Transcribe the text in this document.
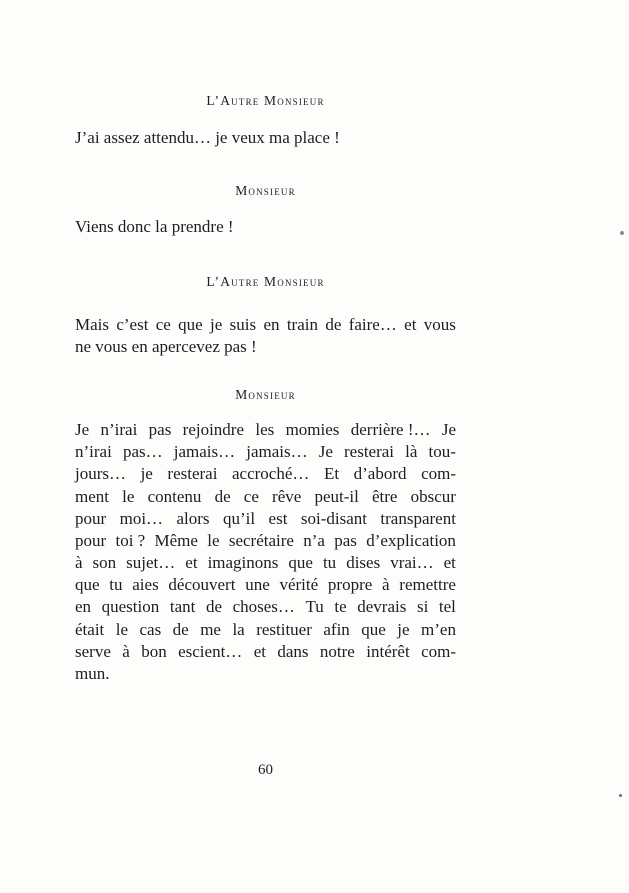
L’Autre Monsieur
J’ai assez attendu… je veux ma place !
Monsieur
Viens donc la prendre !
L’Autre Monsieur
Mais c’est ce que je suis en train de faire… et vous
ne vous en apercevez pas !
Monsieur
Je n’irai pas rejoindre les momies derrière !… Je
n’irai pas… jamais… jamais… Je resterai là tou-
jours… je resterai accroché… Et d’abord com-
ment le contenu de ce rêve peut-il être obscur
pour moi… alors qu’il est soi-disant transparent
pour toi ? Même le secrétaire n’a pas d’explication
à son sujet… et imaginons que tu dises vrai… et
que tu aies découvert une vérité propre à remettre
en question tant de choses… Tu te devrais si tel
était le cas de me la restituer afin que je m’en
serve à bon escient… et dans notre intérêt com-
mun.
60
